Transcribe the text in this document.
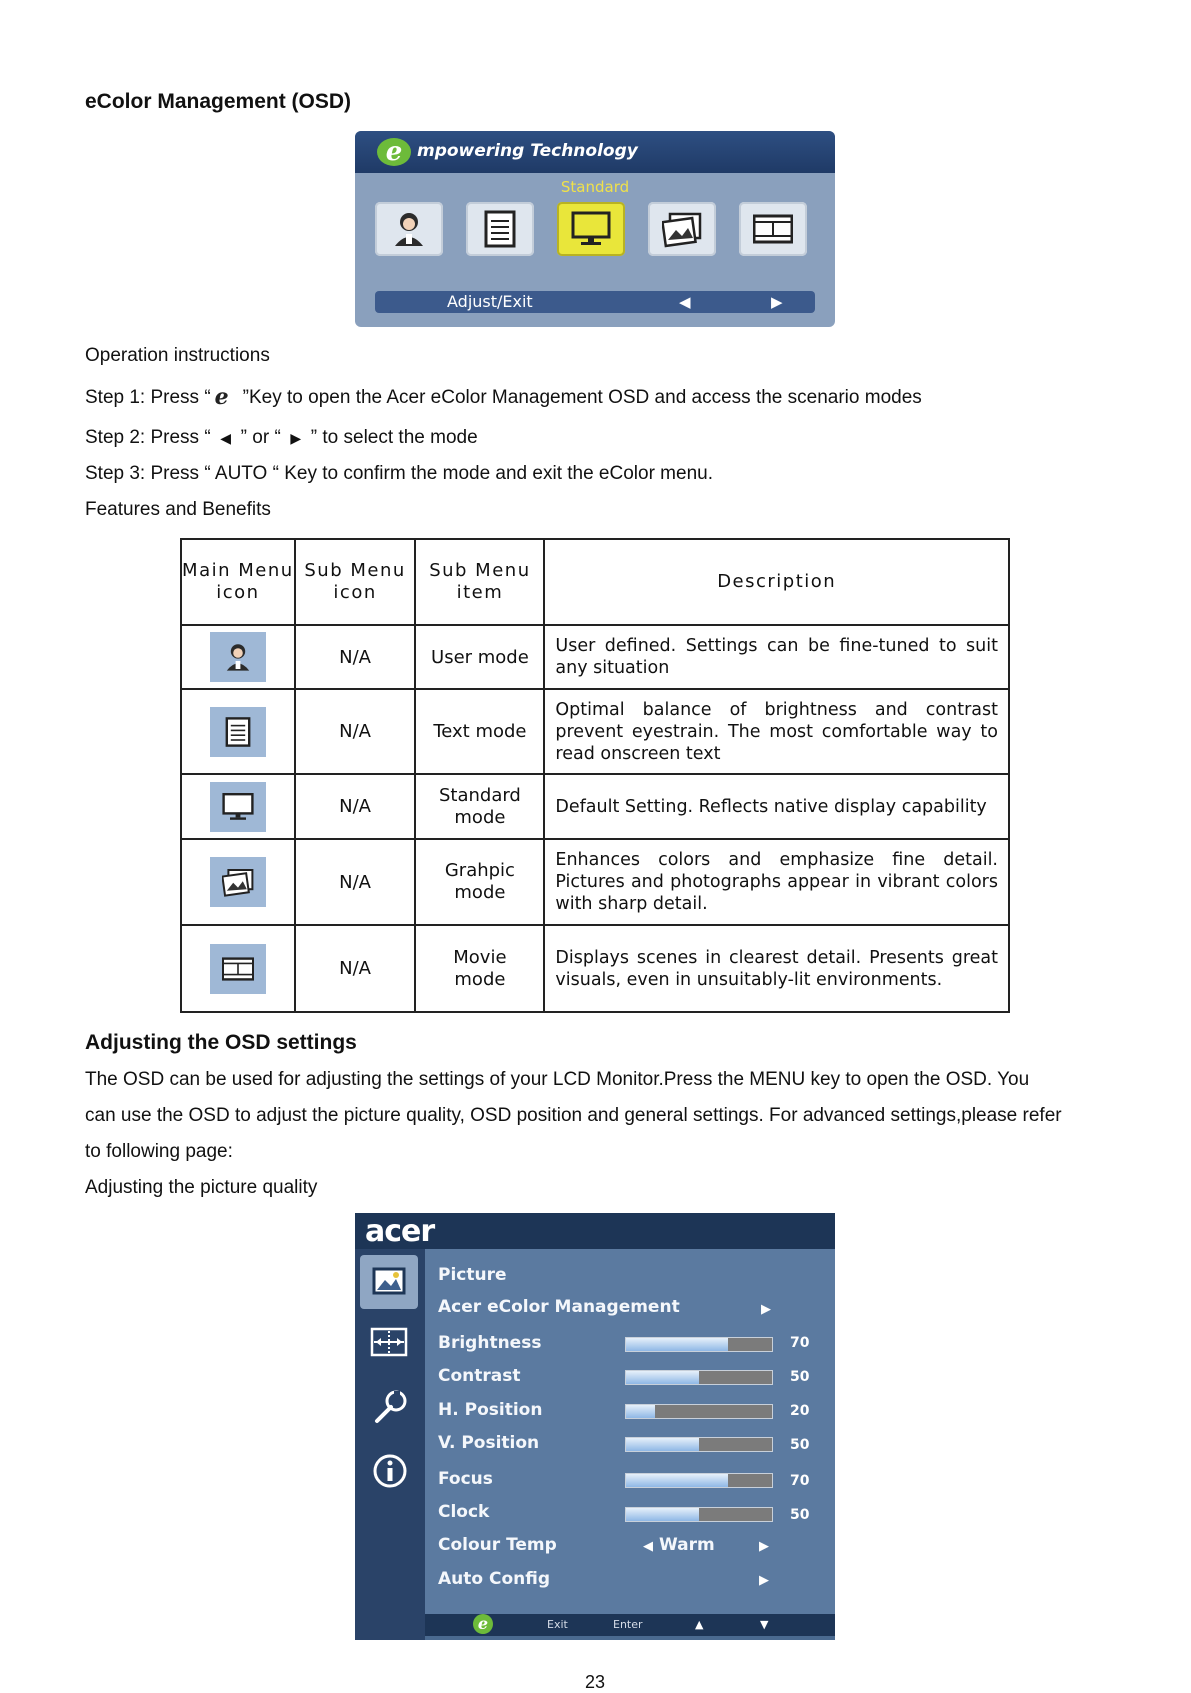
eColor Management (OSD)
e mpowering Technology
Standard
Adjust/Exit	◀	▶
Operation instructions
Step 1: Press “ e ”Key to open the Acer eColor Management OSD and access the scenario modes
Step 2: Press “ ◀ ” or “ ▶ ” to select the mode
Step 3: Press “ AUTO “ Key to confirm the mode and exit the eColor menu.
Features and Benefits
Main Menu icon	Sub Menu icon	Sub Menu item	Description

	N/A	User mode	User defined. Settings can be fine-tuned to suit any situation

	N/A	Text mode	Optimal balance of brightness and contrast prevent eyestrain. The most comfortable way to read onscreen text

	N/A	Standard mode	Default Setting. Reflects native display capability

	N/A	Grahpic mode	Enhances colors and emphasize fine detail. Pictures and photographs appear in vibrant colors with sharp detail.

	N/A	Movie mode	Displays scenes in clearest detail. Presents great visuals, even in unsuitably-lit environments.
Adjusting the OSD settings
The OSD can be used for adjusting the settings of your LCD Monitor.Press the MENU key to open the OSD. You
can use the OSD to adjust the picture quality, OSD position and general settings. For advanced settings,please refer
to following page:
Adjusting the picture quality
acer
Picture
Acer eColor Management	▶
Brightness	70
Contrast	50
H. Position	20
V. Position	50
Focus	70
Clock	50
Colour Temp	◀ Warm	▶
Auto Config	▶
e	Exit	Enter	▲	▼
23
